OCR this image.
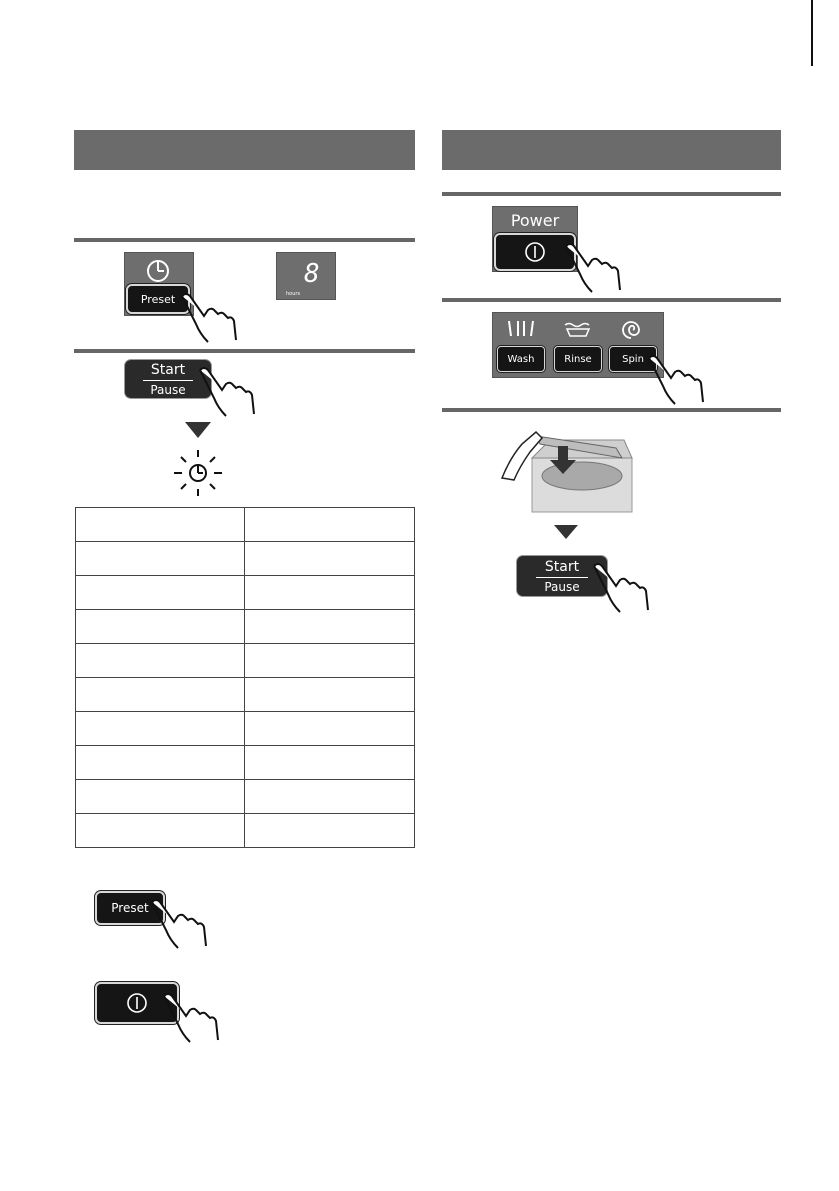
Preset
8
hours
Start
Pause

Preset
Power
Wash	Rinse	Spin
Start
Pause
